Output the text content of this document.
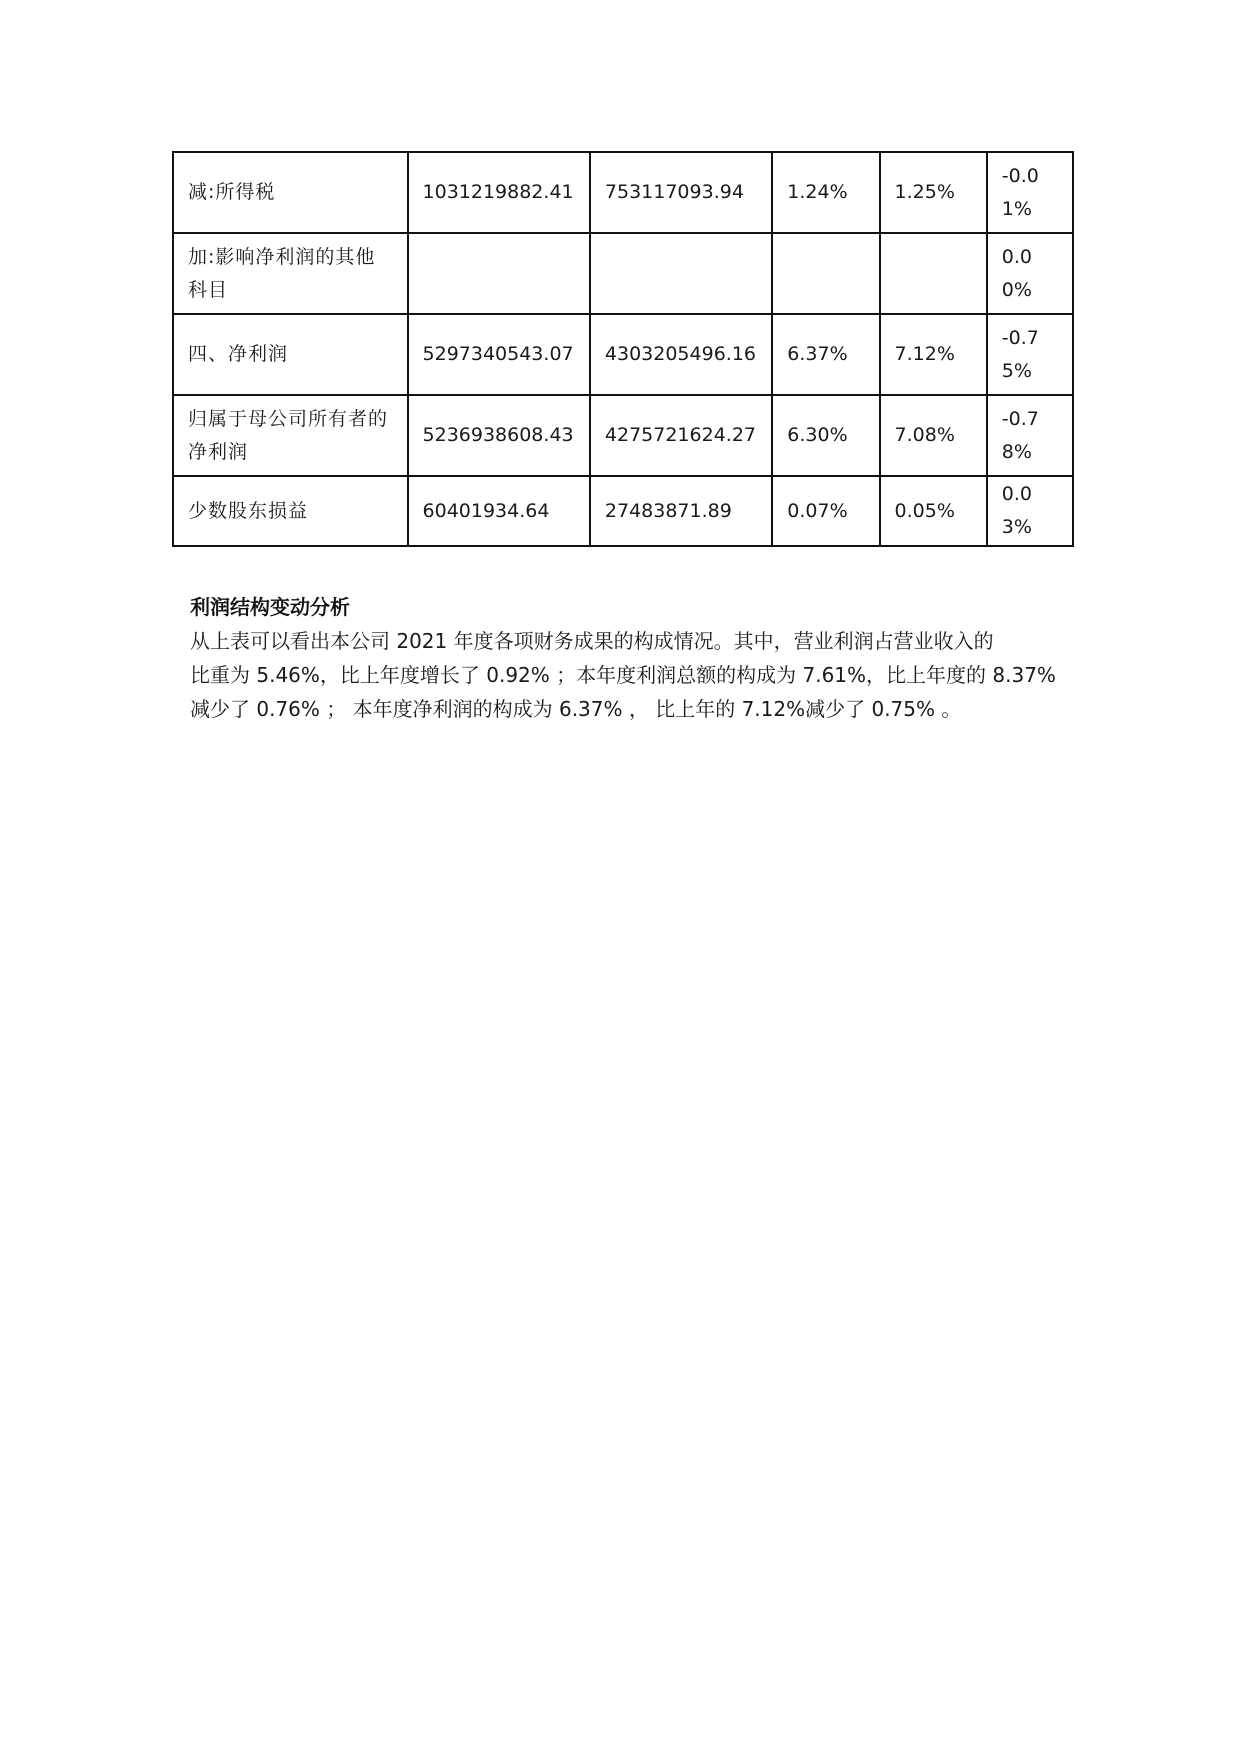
减:所得税	1031219882.41	753117093.94	1.24%	1.25%	-0.01%
加:影响净利润的其他科目					0.00%
四、净利润	5297340543.07	4303205496.16	6.37%	7.12%	-0.75%
归属于母公司所有者的净利润	5236938608.43	4275721624.27	6.30%	7.08%	-0.78%
少数股东损益	60401934.64	27483871.89	0.07%	0.05%	0.03%
利润结构变动分析

从上表可以看出本公司 2021 年度各项财务成果的构成情况。其中，营业利润占营业收入的
比重为 5.46%，比上年度增长了 0.92% ；本年度利润总额的构成为 7.61%，比上年度的 8.37%
减少了 0.76% ； 本年度净利润的构成为 6.37% ， 比上年的 7.12%减少了 0.75% 。
